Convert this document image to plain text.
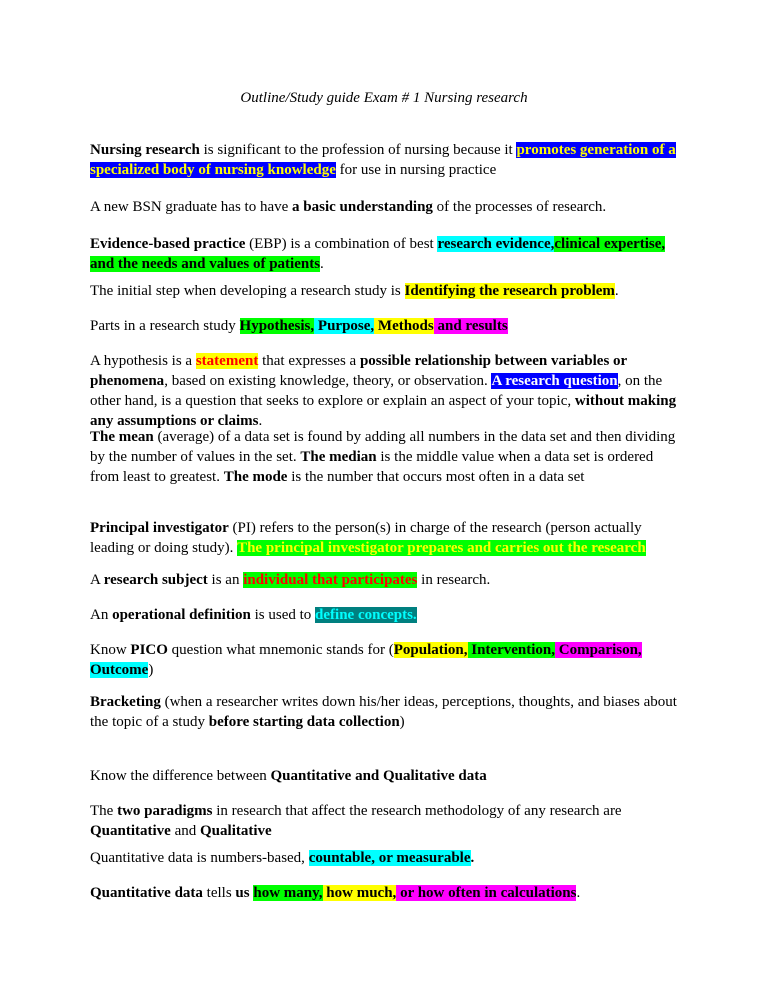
Outline/Study guide Exam # 1 Nursing research

Nursing research is significant to the profession of nursing because it promotes generation of a specialized body of nursing knowledge for use in nursing practice

A new BSN graduate has to have a basic understanding of the processes of research.

Evidence-based practice (EBP) is a combination of best research evidence,clinical expertise, and the needs and values of patients.

The initial step when developing a research study is Identifying the research problem.

Parts in a research study Hypothesis, Purpose, Methods and results

A hypothesis is a statement that expresses a possible relationship between variables or phenomena, based on existing knowledge, theory, or observation. A research question, on the other hand, is a question that seeks to explore or explain an aspect of your topic, without making any assumptions or claims.

The mean (average) of a data set is found by adding all numbers in the data set and then dividing by the number of values in the set. The median is the middle value when a data set is ordered from least to greatest. The mode is the number that occurs most often in a data set

Principal investigator (PI) refers to the person(s) in charge of the research (person actually leading or doing study). The principal investigator prepares and carries out the research

A research subject is an individual that participates in research.

An operational definition is used to define concepts.

Know PICO question what mnemonic stands for (Population, Intervention, Comparison,
Outcome)

Bracketing (when a researcher writes down his/her ideas, perceptions, thoughts, and biases about the topic of a study before starting data collection)

Know the difference between Quantitative and Qualitative data

The two paradigms in research that affect the research methodology of any research are Quantitative and Qualitative

Quantitative data is numbers-based, countable, or measurable.

Quantitative data tells us how many, how much, or how often in calculations.
